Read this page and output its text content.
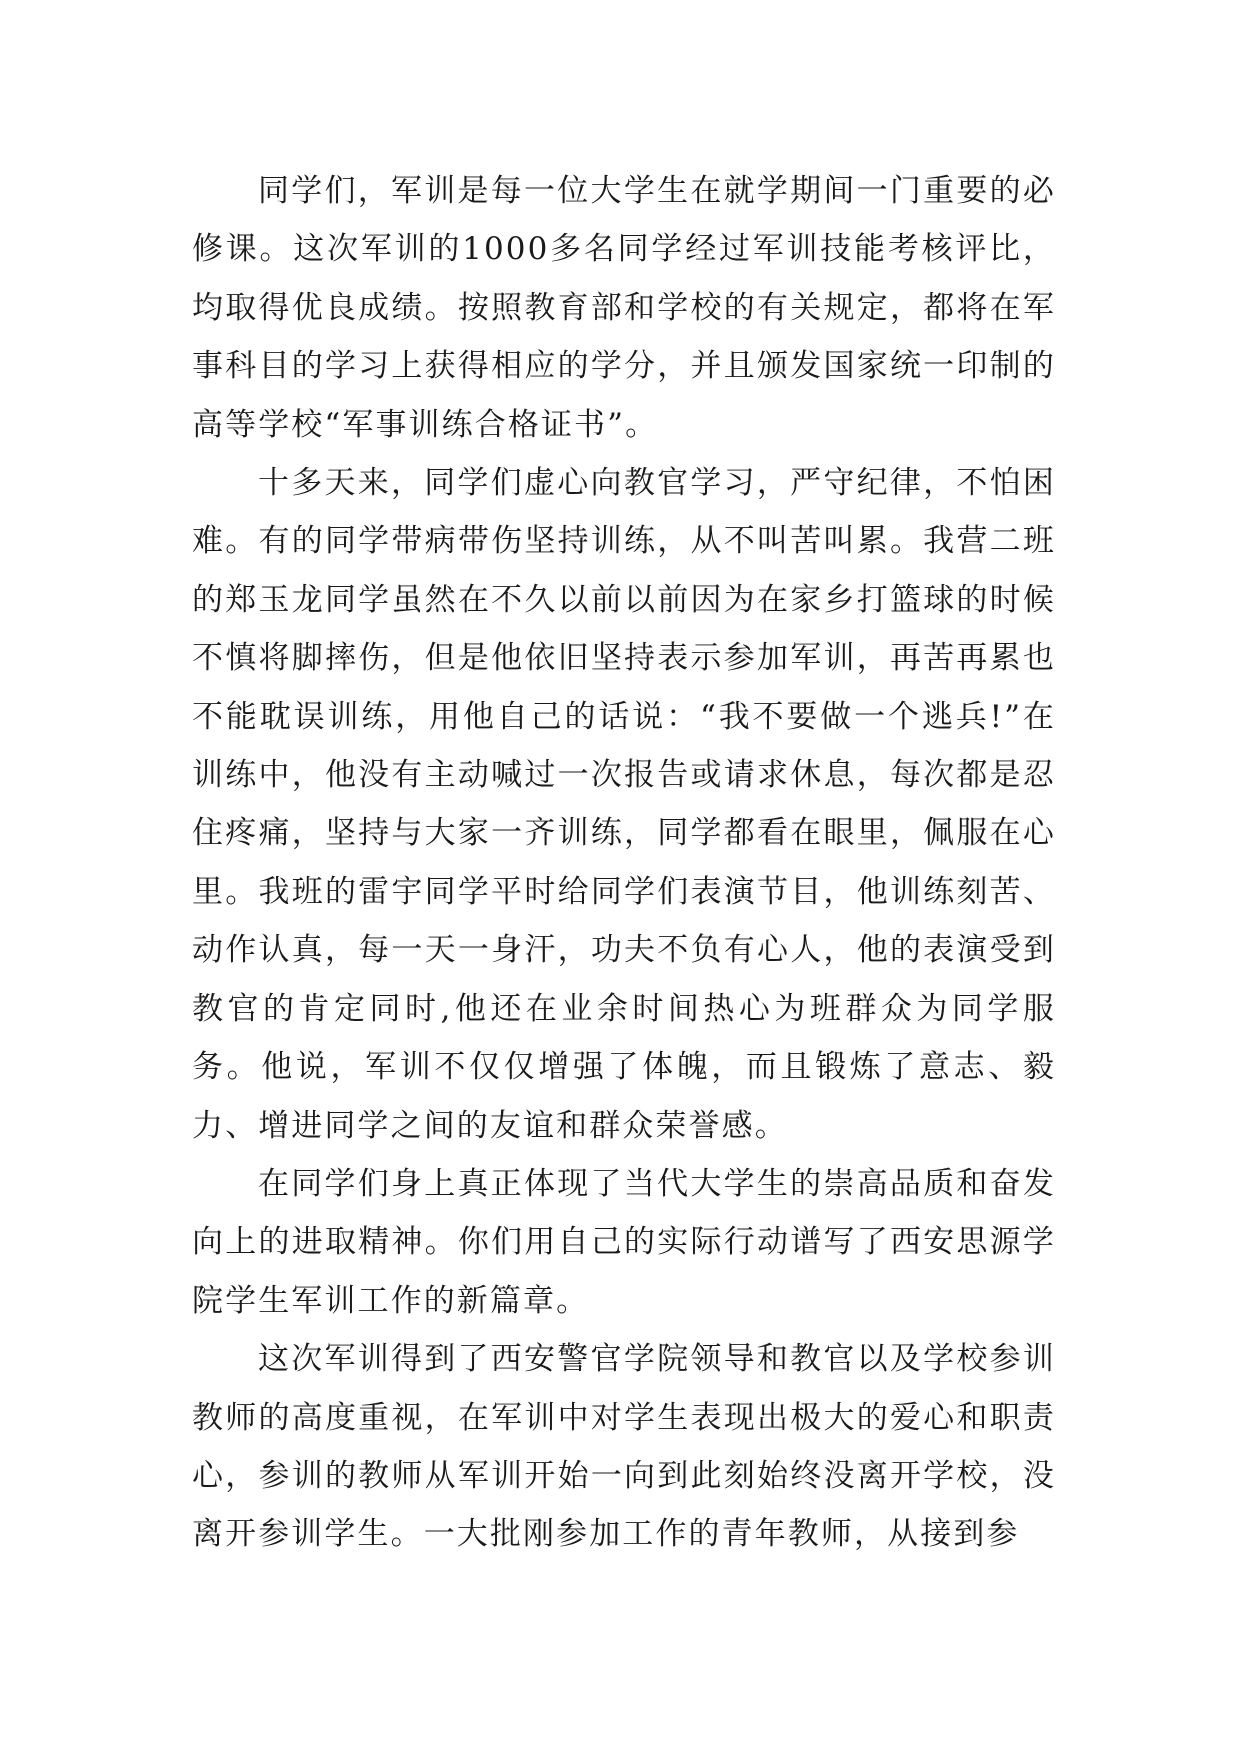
同学们，军训是每一位大学生在就学期间一门重要的必修课。这次军训的1000多名同学经过军训技能考核评比，均取得优良成绩。按照教育部和学校的有关规定，都将在军事科目的学习上获得相应的学分，并且颁发国家统一印制的高等学校“军事训练合格证书”。

十多天来，同学们虚心向教官学习，严守纪律，不怕困难。有的同学带病带伤坚持训练，从不叫苦叫累。我营二班的郑玉龙同学虽然在不久以前以前因为在家乡打篮球的时候不慎将脚摔伤，但是他依旧坚持表示参加军训，再苦再累也不能耽误训练，用他自己的话说：“我不要做一个逃兵!”在训练中，他没有主动喊过一次报告或请求休息，每次都是忍住疼痛，坚持与大家一齐训练，同学都看在眼里，佩服在心里。我班的雷宇同学平时给同学们表演节目，他训练刻苦、动作认真，每一天一身汗，功夫不负有心人，他的表演受到教官的肯定同时,他还在业余时间热心为班群众为同学服务。他说，军训不仅仅增强了体魄，而且锻炼了意志、毅力、增进同学之间的友谊和群众荣誉感。

在同学们身上真正体现了当代大学生的崇高品质和奋发向上的进取精神。你们用自己的实际行动谱写了西安思源学院学生军训工作的新篇章。

这次军训得到了西安警官学院领导和教官以及学校参训教师的高度重视，在军训中对学生表现出极大的爱心和职责心，参训的教师从军训开始一向到此刻始终没离开学校，没离开参训学生。一大批刚参加工作的青年教师，从接到参
